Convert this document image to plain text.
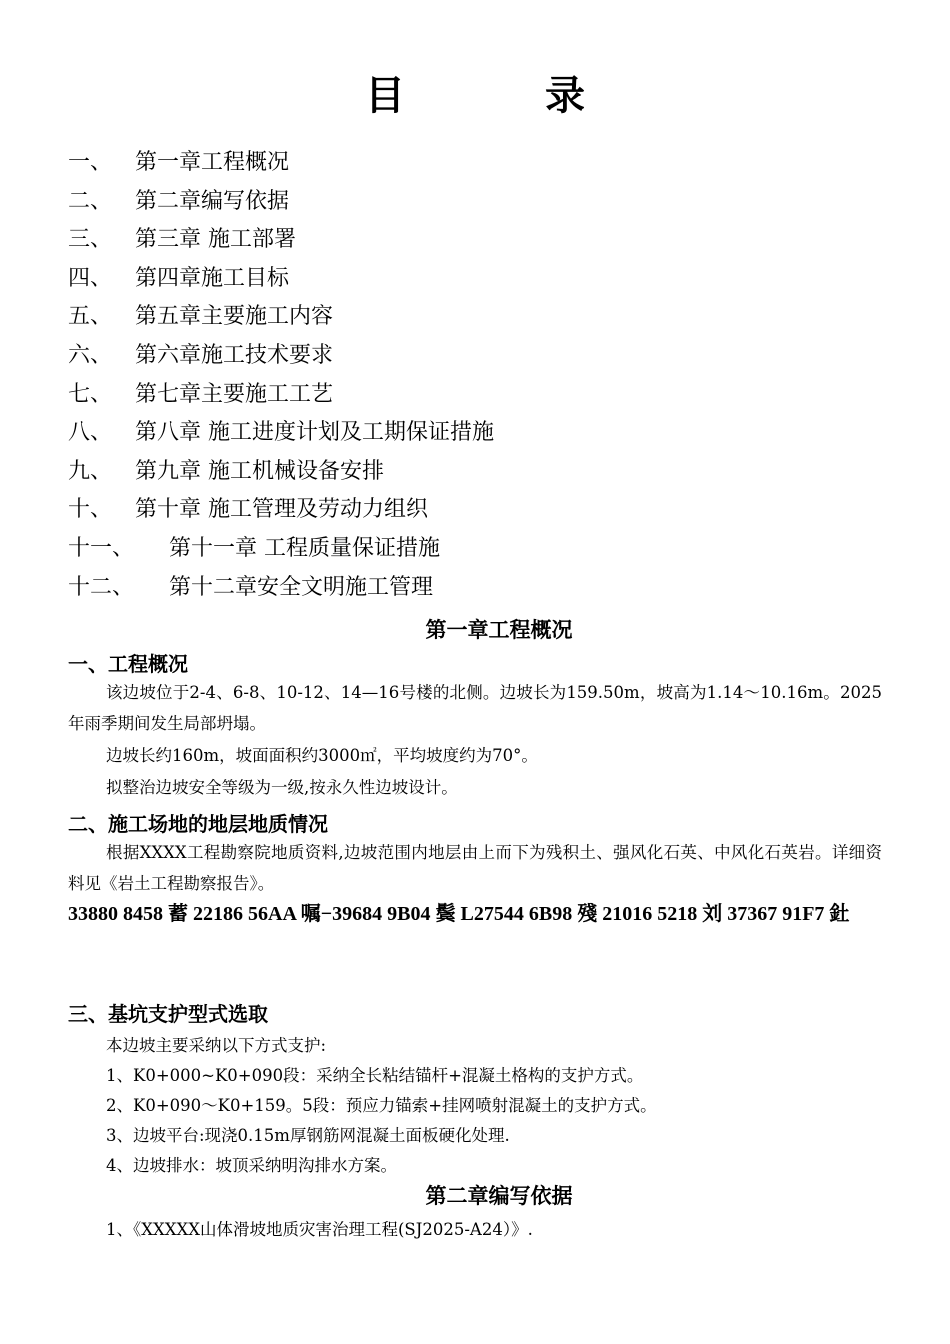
目　录
一、 第一章工程概况
二、 第二章编写依据
三、 第三章 施工部署
四、 第四章施工目标
五、 第五章主要施工内容
六、 第六章施工技术要求
七、 第七章主要施工工艺
八、 第八章 施工进度计划及工期保证措施
九、 第九章 施工机械设备安排
十、 第十章 施工管理及劳动力组织
十一、 第十一章 工程质量保证措施
十二、 第十二章安全文明施工管理
第一章工程概况
一、工程概况
该边坡位于2-4、6-8、10-12、14—16号楼的北侧。边坡长为159.50m，坡高为1.14～10.16m。2025年雨季期间发生局部坍塌。
边坡长约160m，坡面面积约3000㎡，平均坡度约为70°。
拟整治边坡安全等级为一级,按永久性边坡设计。
二、施工场地的地层地质情况
根据XXXX工程勘察院地质资料,边坡范围内地层由上而下为残积土、强风化石英、中风化石英岩。详细资料见《岩土工程勘察报告》。
33880 8458 蓄 22186 56AA 嘱−39684 9B04 鬓 L27544 6B98 殘 21016 5218 刘 37367 91F7 釷
三、基坑支护型式选取
本边坡主要采纳以下方式支护:
1、K0+000~K0+090段：采纳全长粘结锚杆+混凝土格构的支护方式。
2、K0+090～K0+159。5段：预应力锚索+挂网喷射混凝土的支护方式。
3、边坡平台:现浇0.15m厚钢筋网混凝土面板硬化处理.
4、边坡排水：坡顶采纳明沟排水方案。
第二章编写依据
1、《XXXXX山体滑坡地质灾害治理工程(SJ2025-A24）》.
